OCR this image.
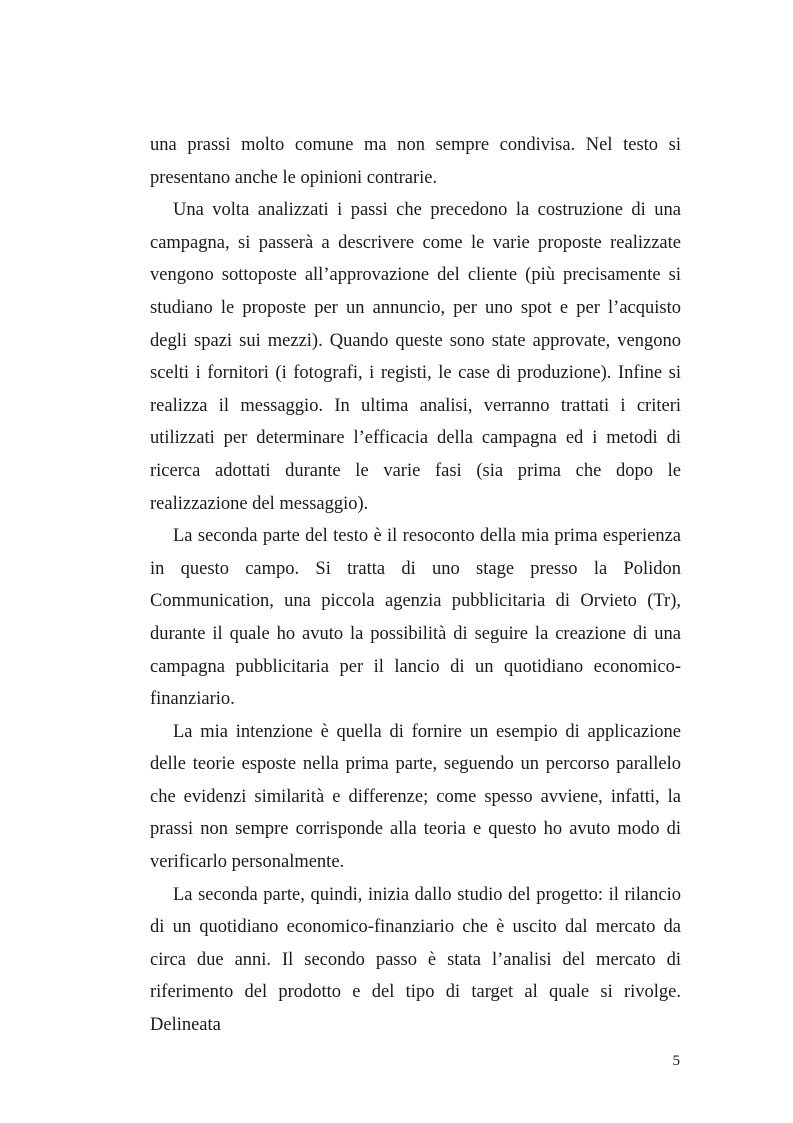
una prassi molto comune ma non sempre condivisa. Nel testo si presentano anche le opinioni contrarie.

Una volta analizzati i passi che precedono la costruzione di una campagna, si passerà a descrivere come le varie proposte realizzate vengono sottoposte all’approvazione del cliente (più precisamente si studiano le proposte per un annuncio, per uno spot e per l’acquisto degli spazi sui mezzi). Quando queste sono state approvate, vengono scelti i fornitori (i fotografi, i registi, le case di produzione). Infine si realizza il messaggio. In ultima analisi, verranno trattati i criteri utilizzati per determinare l’efficacia della campagna ed i metodi di ricerca adottati durante le varie fasi (sia prima che dopo le realizzazione del messaggio).

La seconda parte del testo è il resoconto della mia prima esperienza in questo campo. Si tratta di uno stage presso la Polidon Communication, una piccola agenzia pubblicitaria di Orvieto (Tr), durante il quale ho avuto la possibilità di seguire la creazione di una campagna pubblicitaria per il lancio di un quotidiano economico-finanziario.

La mia intenzione è quella di fornire un esempio di applicazione delle teorie esposte nella prima parte, seguendo un percorso parallelo che evidenzi similarità e differenze; come spesso avviene, infatti, la prassi non sempre corrisponde alla teoria e questo ho avuto modo di verificarlo personalmente.

La seconda parte, quindi, inizia dallo studio del progetto: il rilancio di un quotidiano economico-finanziario che è uscito dal mercato da circa due anni. Il secondo passo è stata l’analisi del mercato di riferimento del prodotto e del tipo di target al quale si rivolge. Delineata

5
